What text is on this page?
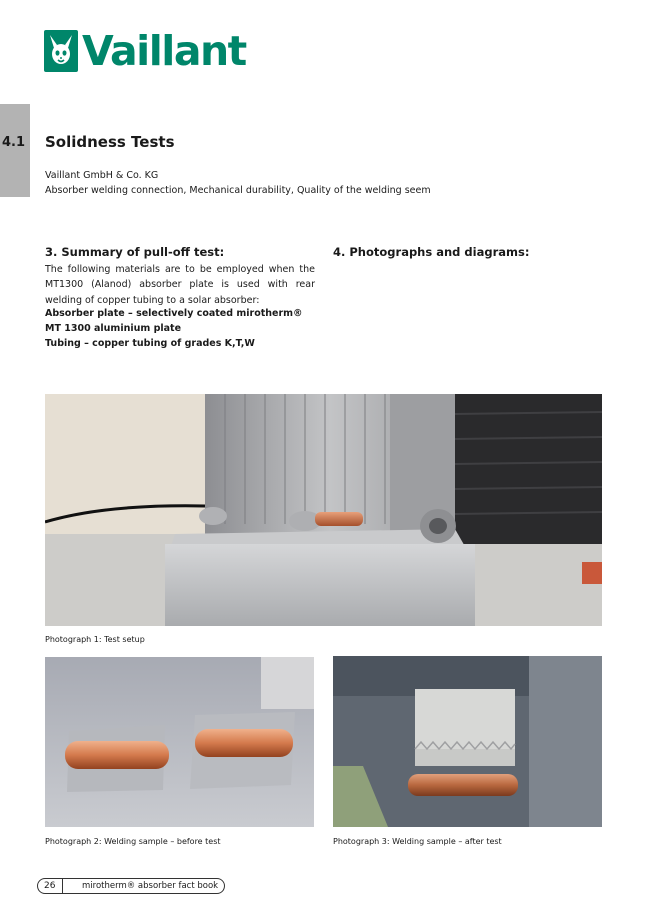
Vaillant
4.1 Solidness Tests
Vaillant GmbH & Co. KG
Absorber welding connection, Mechanical durability, Quality of the welding seem
3. Summary of pull-off test:
The following materials are to be employed when the MT1300 (Alanod) absorber plate is used with rear welding of copper tubing to a solar absorber:
Absorber plate – selectively coated mirotherm®
MT 1300 aluminium plate
Tubing – copper tubing of grades K,T,W
4. Photographs and diagrams:
Photograph 1: Test setup
Photograph 2: Welding sample – before test	Photograph 3: Welding sample – after test
26	mirotherm® absorber fact book
